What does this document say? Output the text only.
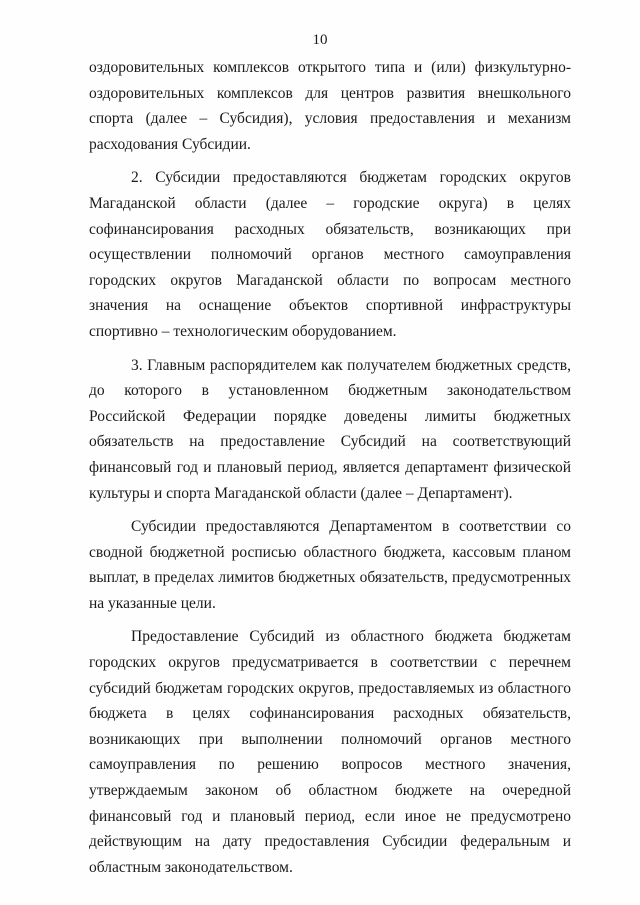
10

оздоровительных комплексов открытого типа и (или) физкультурно-оздоровительных комплексов для центров развития внешкольного спорта (далее – Субсидия), условия предоставления и механизм расходования Субсидии.

2. Субсидии предоставляются бюджетам городских округов Магаданской области (далее – городские округа) в целях софинансирования расходных обязательств, возникающих при осуществлении полномочий органов местного самоуправления городских округов Магаданской области по вопросам местного значения на оснащение объектов спортивной инфраструктуры спортивно – технологическим оборудованием.

3. Главным распорядителем как получателем бюджетных средств, до которого в установленном бюджетным законодательством Российской Федерации порядке доведены лимиты бюджетных обязательств на предоставление Субсидий на соответствующий финансовый год и плановый период, является департамент физической культуры и спорта Магаданской области (далее – Департамент).

Субсидии предоставляются Департаментом в соответствии со сводной бюджетной росписью областного бюджета, кассовым планом выплат, в пределах лимитов бюджетных обязательств, предусмотренных на указанные цели.

Предоставление Субсидий из областного бюджета бюджетам городских округов предусматривается в соответствии с перечнем субсидий бюджетам городских округов, предоставляемых из областного бюджета в целях софинансирования расходных обязательств, возникающих при выполнении полномочий органов местного самоуправления по решению вопросов местного значения, утверждаемым законом об областном бюджете на очередной финансовый год и плановый период, если иное не предусмотрено действующим на дату предоставления Субсидии федеральным и областным законодательством.
